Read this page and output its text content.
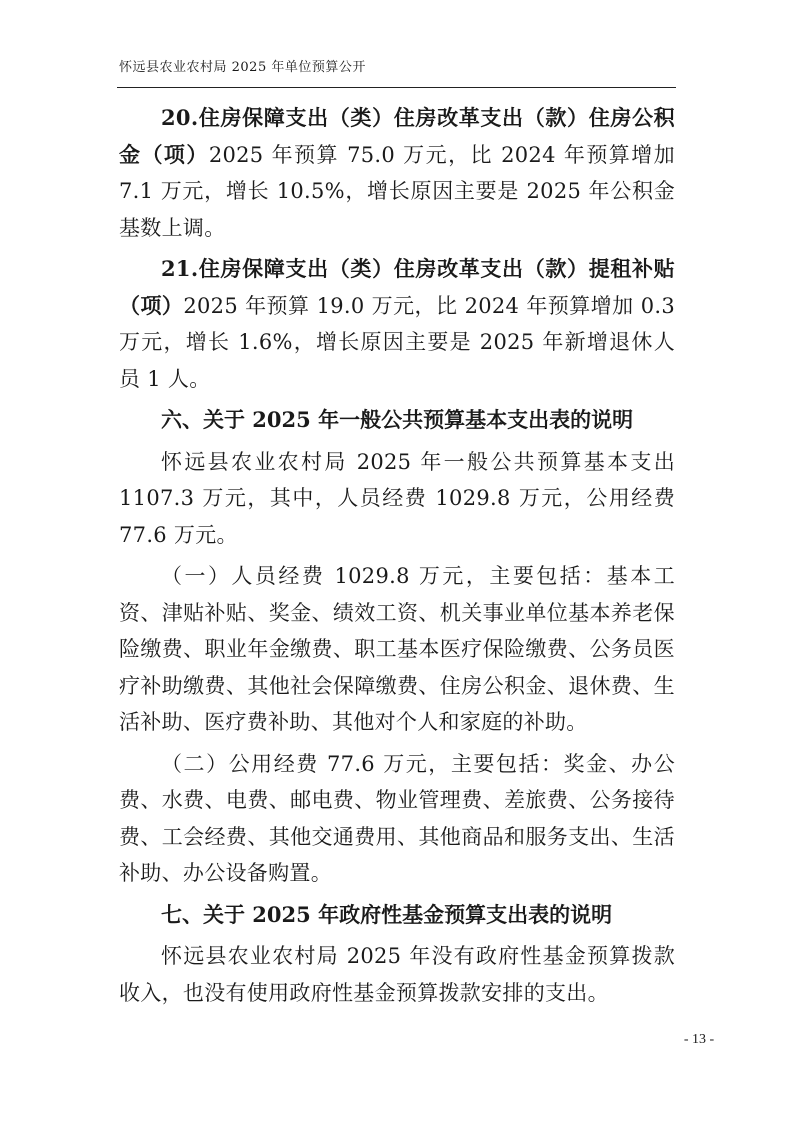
怀远县农业农村局 2025 年单位预算公开

20.住房保障支出（类）住房改革支出（款）住房公积金（项）2025 年预算 75.0 万元，比 2024 年预算增加 7.1 万元，增长 10.5%，增长原因主要是 2025 年公积金基数上调。

21.住房保障支出（类）住房改革支出（款）提租补贴（项）2025 年预算 19.0 万元，比 2024 年预算增加 0.3 万元，增长 1.6%，增长原因主要是 2025 年新增退休人员 1 人。

六、关于 2025 年一般公共预算基本支出表的说明

怀远县农业农村局 2025 年一般公共预算基本支出 1107.3 万元，其中，人员经费 1029.8 万元，公用经费 77.6 万元。

（一）人员经费 1029.8 万元，主要包括：基本工资、津贴补贴、奖金、绩效工资、机关事业单位基本养老保险缴费、职业年金缴费、职工基本医疗保险缴费、公务员医疗补助缴费、其他社会保障缴费、住房公积金、退休费、生活补助、医疗费补助、其他对个人和家庭的补助。

（二）公用经费 77.6 万元，主要包括：奖金、办公费、水费、电费、邮电费、物业管理费、差旅费、公务接待费、工会经费、其他交通费用、其他商品和服务支出、生活补助、办公设备购置。

七、关于 2025 年政府性基金预算支出表的说明

怀远县农业农村局 2025 年没有政府性基金预算拨款收入，也没有使用政府性基金预算拨款安排的支出。

- 13 -
